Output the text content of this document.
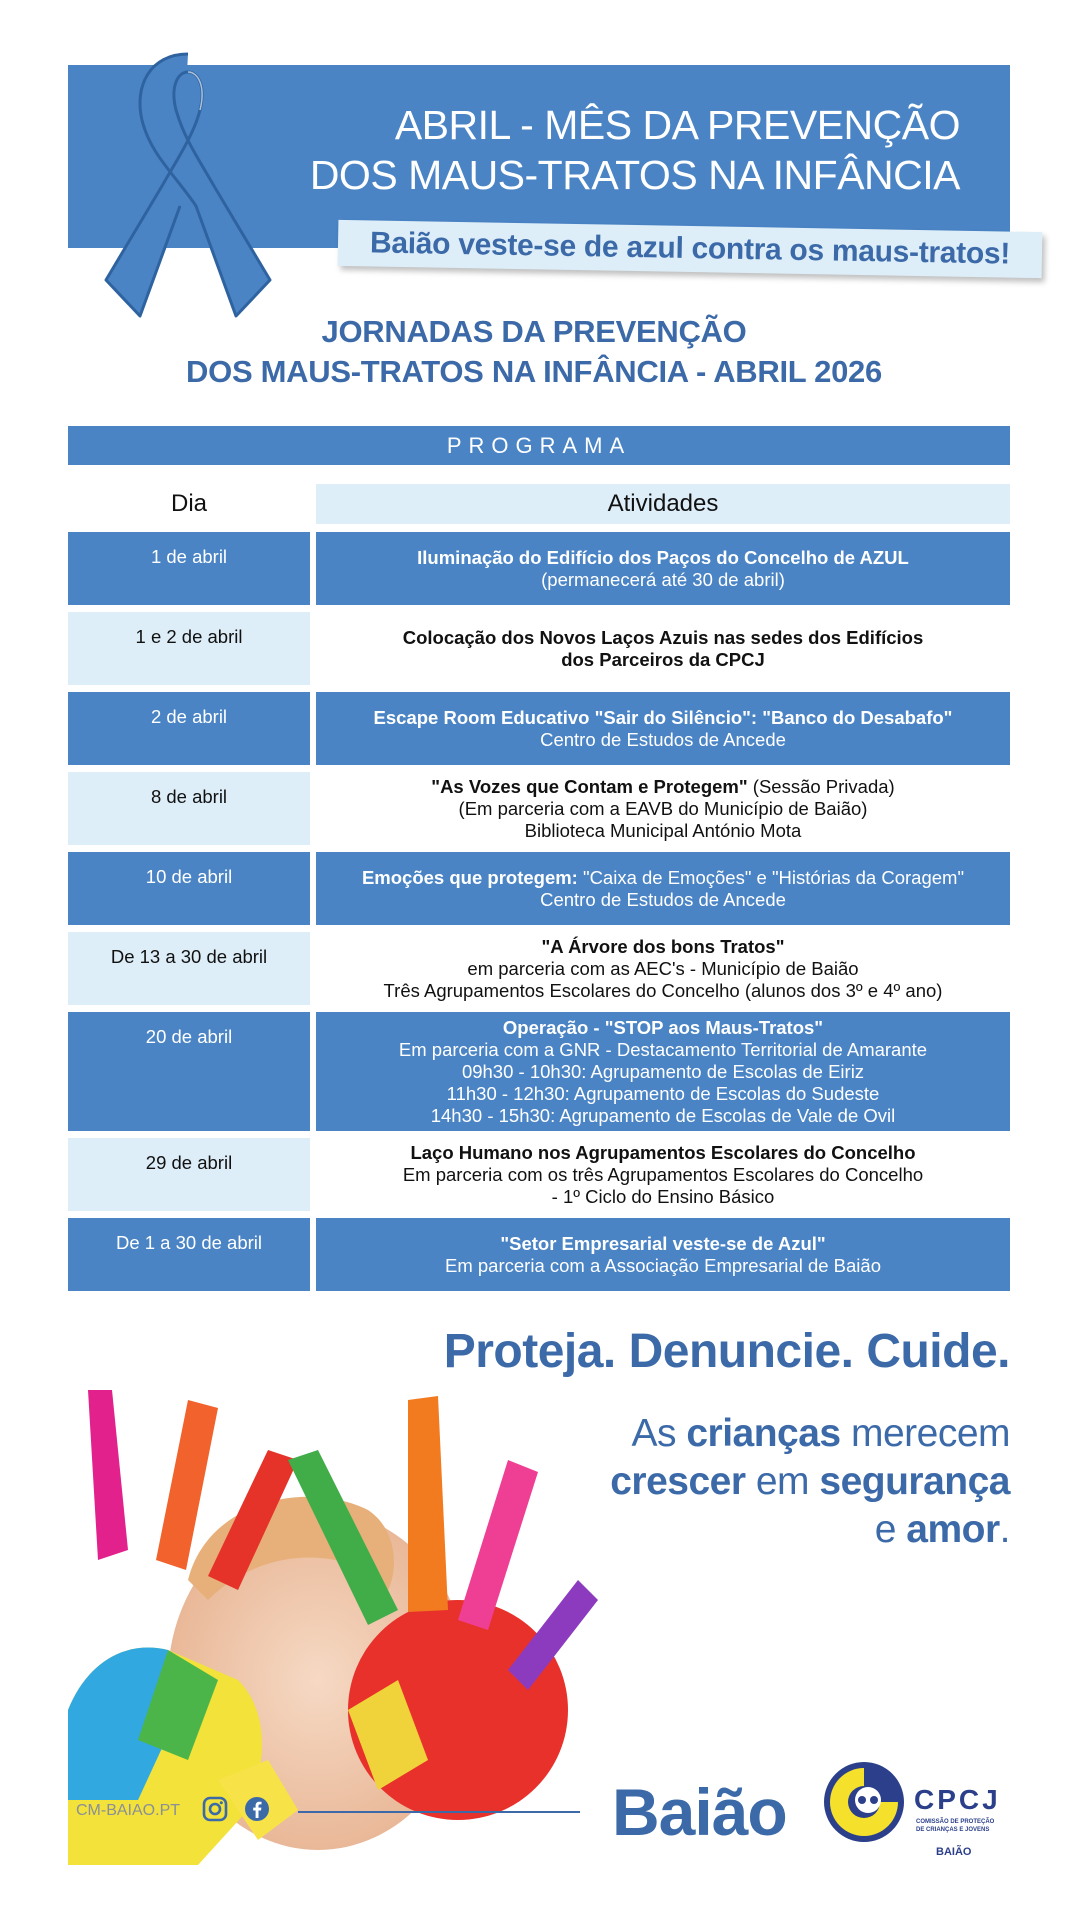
ABRIL - MÊS DA PREVENÇÃO
DOS MAUS-TRATOS NA INFÂNCIA
Baião veste-se de azul contra os maus-tratos!
JORNADAS DA PREVENÇÃO
DOS MAUS-TRATOS NA INFÂNCIA - ABRIL 2026
PROGRAMA
Dia	Atividades
1 de abril	Iluminação do Edifício dos Paços do Concelho de AZUL
(permanecerá até 30 de abril)
1 e 2 de abril	Colocação dos Novos Laços Azuis nas sedes dos Edifícios
dos Parceiros da CPCJ
2 de abril	Escape Room Educativo "Sair do Silêncio": "Banco do Desabafo"
Centro de Estudos de Ancede
8 de abril	"As Vozes que Contam e Protegem" (Sessão Privada)
(Em parceria com a EAVB do Município de Baião)
Biblioteca Municipal António Mota
10 de abril	Emoções que protegem: "Caixa de Emoções" e "Histórias da Coragem"
Centro de Estudos de Ancede
De 13 a 30 de abril	"A Árvore dos bons Tratos"
em parceria com as AEC's - Município de Baião
Três Agrupamentos Escolares do Concelho (alunos dos 3º e 4º ano)
20 de abril	Operação - "STOP aos Maus-Tratos"
Em parceria com a GNR - Destacamento Territorial de Amarante
09h30 - 10h30: Agrupamento de Escolas de Eiriz
11h30 - 12h30: Agrupamento de Escolas do Sudeste
14h30 - 15h30: Agrupamento de Escolas de Vale de Ovil
29 de abril	Laço Humano nos Agrupamentos Escolares do Concelho
Em parceria com os três Agrupamentos Escolares do Concelho
- 1º Ciclo do Ensino Básico
De 1 a 30 de abril	"Setor Empresarial veste-se de Azul"
Em parceria com a Associação Empresarial de Baião
Proteja. Denuncie. Cuide.
As crianças merecem
crescer em segurança
e amor.
CM-BAIAO.PT	Baião	CPCJ
COMISSÃO DE PROTEÇÃO DE CRIANÇAS E JOVENS
BAIÃO
